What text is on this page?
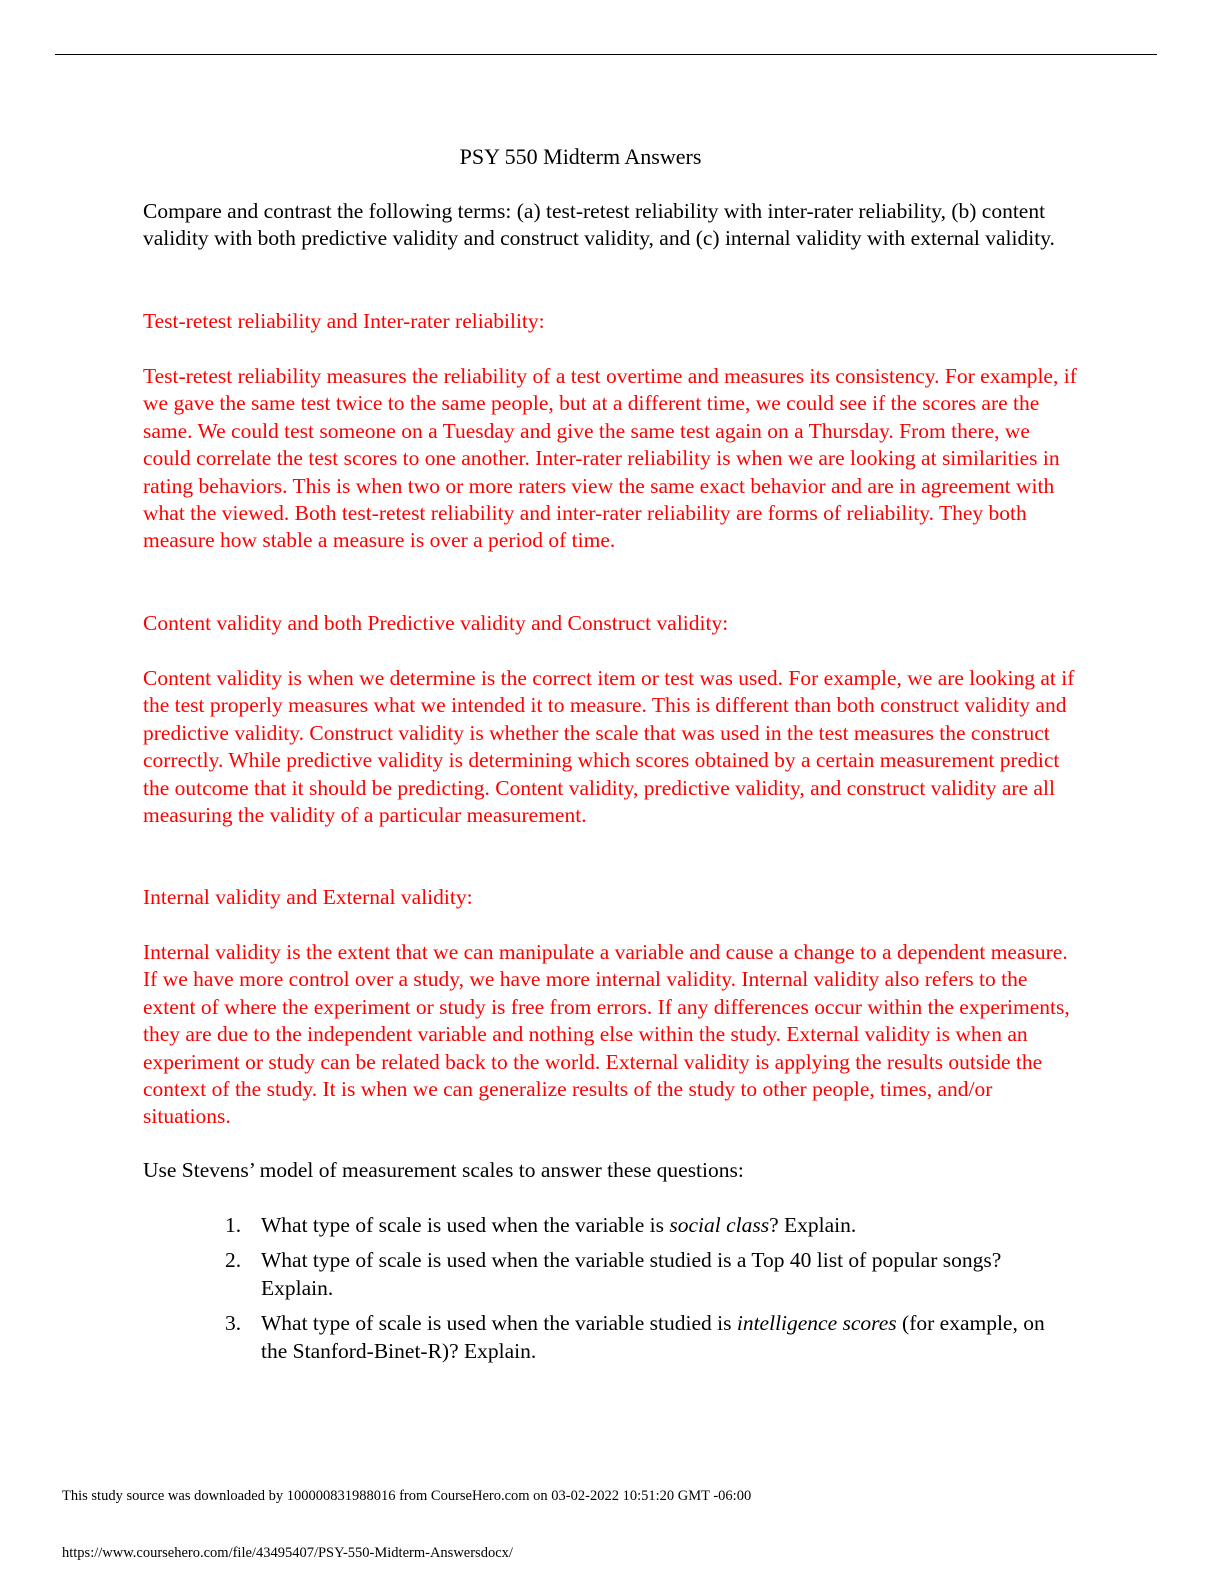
PSY 550 Midterm Answers

Compare and contrast the following terms: (a) test-retest reliability with inter-rater reliability, (b) content validity with both predictive validity and construct validity, and (c) internal validity with external validity.

Test-retest reliability and Inter-rater reliability:

Test-retest reliability measures the reliability of a test overtime and measures its consistency. For example, if we gave the same test twice to the same people, but at a different time, we could see if the scores are the same. We could test someone on a Tuesday and give the same test again on a Thursday. From there, we could correlate the test scores to one another. Inter-rater reliability is when we are looking at similarities in rating behaviors. This is when two or more raters view the same exact behavior and are in agreement with what the viewed. Both test-retest reliability and inter-rater reliability are forms of reliability. They both measure how stable a measure is over a period of time.

Content validity and both Predictive validity and Construct validity:

Content validity is when we determine is the correct item or test was used. For example, we are looking at if the test properly measures what we intended it to measure. This is different than both construct validity and predictive validity. Construct validity is whether the scale that was used in the test measures the construct correctly. While predictive validity is determining which scores obtained by a certain measurement predict the outcome that it should be predicting. Content validity, predictive validity, and construct validity are all measuring the validity of a particular measurement.

Internal validity and External validity:

Internal validity is the extent that we can manipulate a variable and cause a change to a dependent measure. If we have more control over a study, we have more internal validity. Internal validity also refers to the extent of where the experiment or study is free from errors. If any differences occur within the experiments, they are due to the independent variable and nothing else within the study. External validity is when an experiment or study can be related back to the world. External validity is applying the results outside the context of the study. It is when we can generalize results of the study to other people, times, and/or situations.

Use Stevens’ model of measurement scales to answer these questions:

1. What type of scale is used when the variable is social class? Explain.
2. What type of scale is used when the variable studied is a Top 40 list of popular songs? Explain.
3. What type of scale is used when the variable studied is intelligence scores (for example, on the Stanford-Binet-R)? Explain.
This study source was downloaded by 100000831988016 from CourseHero.com on 03-02-2022 10:51:20 GMT -06:00
https://www.coursehero.com/file/43495407/PSY-550-Midterm-Answersdocx/
